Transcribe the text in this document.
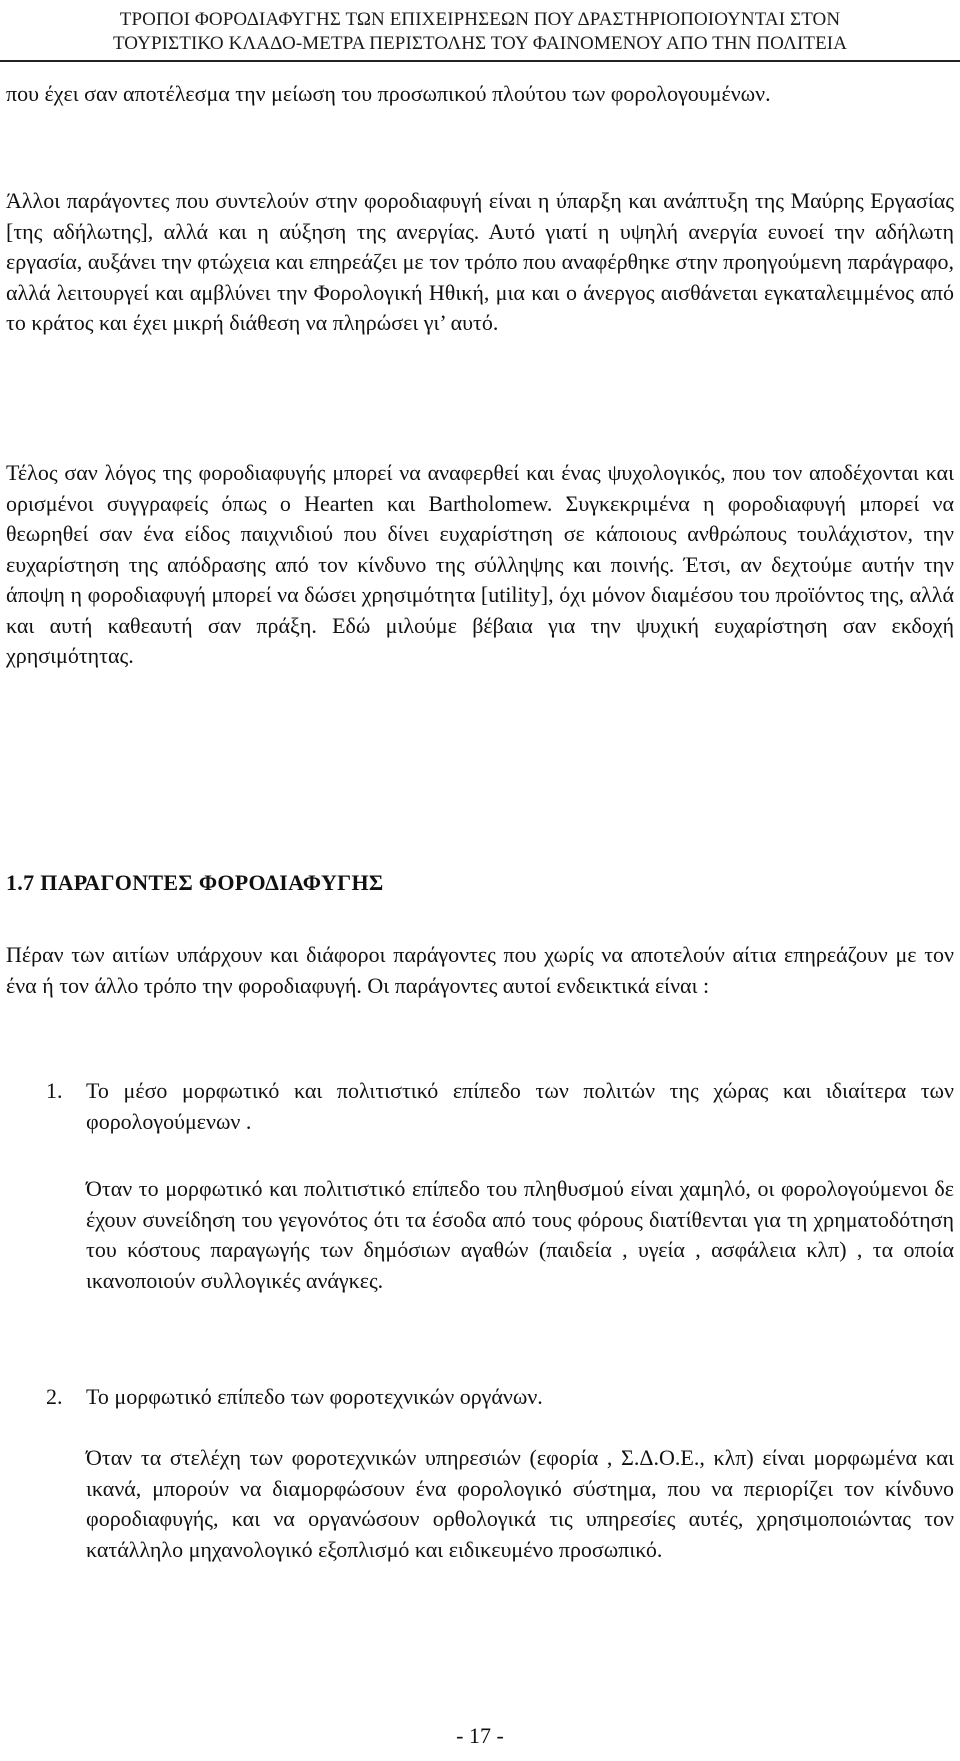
ΤΡΟΠΟΙ ΦΟΡΟΔΙΑΦΥΓΗΣ ΤΩΝ ΕΠΙΧΕΙΡΗΣΕΩΝ ΠΟΥ ΔΡΑΣΤΗΡΙΟΠΟΙΟΥΝΤΑΙ ΣΤΟΝ
ΤΟΥΡΙΣΤΙΚΟ ΚΛΑΔΟ-ΜΕΤΡΑ ΠΕΡΙΣΤΟΛΗΣ ΤΟΥ ΦΑΙΝΟΜΕΝΟΥ ΑΠΟ ΤΗΝ ΠΟΛΙΤΕΙΑ

που έχει σαν αποτέλεσμα την μείωση του προσωπικού πλούτου των φορολογουμένων.

Άλλοι παράγοντες που συντελούν στην φοροδιαφυγή είναι η ύπαρξη και ανάπτυξη της Μαύρης Εργασίας [της αδήλωτης], αλλά και η αύξηση της ανεργίας. Αυτό γιατί η υψηλή ανεργία ευνοεί την αδήλωτη εργασία, αυξάνει την φτώχεια και επηρεάζει με τον τρόπο που αναφέρθηκε στην προηγούμενη παράγραφο, αλλά λειτουργεί και αμβλύνει την Φορολογική Ηθική, μια και ο άνεργος αισθάνεται εγκαταλειμμένος από το κράτος και έχει μικρή διάθεση να πληρώσει γι’ αυτό.

Τέλος σαν λόγος της φοροδιαφυγής μπορεί να αναφερθεί και ένας ψυχολογικός, που τον αποδέχονται και ορισμένοι συγγραφείς όπως ο Hearten και Bartholomew. Συγκεκριμένα η φοροδιαφυγή μπορεί να θεωρηθεί σαν ένα είδος παιχνιδιού που δίνει ευχαρίστηση σε κάποιους ανθρώπους τουλάχιστον, την ευχαρίστηση της απόδρασης από τον κίνδυνο της σύλληψης και ποινής. Έτσι, αν δεχτούμε αυτήν την άποψη η φοροδιαφυγή μπορεί να δώσει χρησιμότητα [utility], όχι μόνον διαμέσου του προϊόντος της, αλλά και αυτή καθεαυτή σαν πράξη. Εδώ μιλούμε βέβαια για την ψυχική ευχαρίστηση σαν εκδοχή χρησιμότητας.

1.7 ΠΑΡΑΓΟΝΤΕΣ ΦΟΡΟΔΙΑΦΥΓΗΣ

Πέραν των αιτίων υπάρχουν και διάφοροι παράγοντες που χωρίς να αποτελούν αίτια επηρεάζουν με τον ένα ή τον άλλο τρόπο την φοροδιαφυγή. Οι παράγοντες αυτοί ενδεικτικά είναι :

1.	Το μέσο μορφωτικό και πολιτιστικό επίπεδο των πολιτών της χώρας και ιδιαίτερα των φορολογούμενων .

Όταν το μορφωτικό και πολιτιστικό επίπεδο του πληθυσμού είναι χαμηλό, οι φορολογούμενοι δε έχουν συνείδηση του γεγονότος ότι τα έσοδα από τους φόρους διατίθενται για τη χρηματοδότηση του κόστους παραγωγής των δημόσιων αγαθών (παιδεία , υγεία , ασφάλεια κλπ) , τα οποία ικανοποιούν συλλογικές ανάγκες.

2.	Το μορφωτικό επίπεδο των φοροτεχνικών οργάνων.

Όταν τα στελέχη των φοροτεχνικών υπηρεσιών (εφορία , Σ.Δ.Ο.Ε., κλπ) είναι μορφωμένα και ικανά, μπορούν να διαμορφώσουν ένα φορολογικό σύστημα, που να περιορίζει τον κίνδυνο φοροδιαφυγής, και να οργανώσουν ορθολογικά τις υπηρεσίες αυτές, χρησιμοποιώντας τον κατάλληλο μηχανολογικό εξοπλισμό και ειδικευμένο προσωπικό.

- 17 -
